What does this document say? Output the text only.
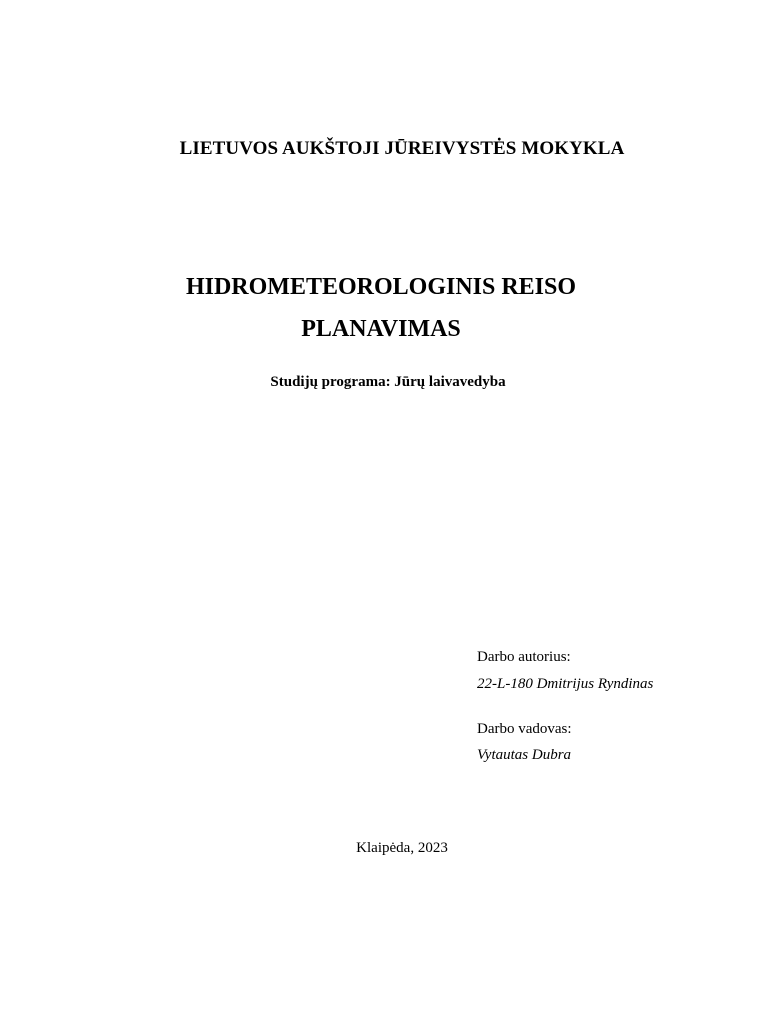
LIETUVOS AUKŠTOJI JŪREIVYSTĖS MOKYKLA
HIDROMETEOROLOGINIS REISO
PLANAVIMAS
Studijų programa: Jūrų laivavedyba
Darbo autorius:
22-L-180 Dmitrijus Ryndinas
Darbo vadovas:
Vytautas Dubra
Klaipėda, 2023
